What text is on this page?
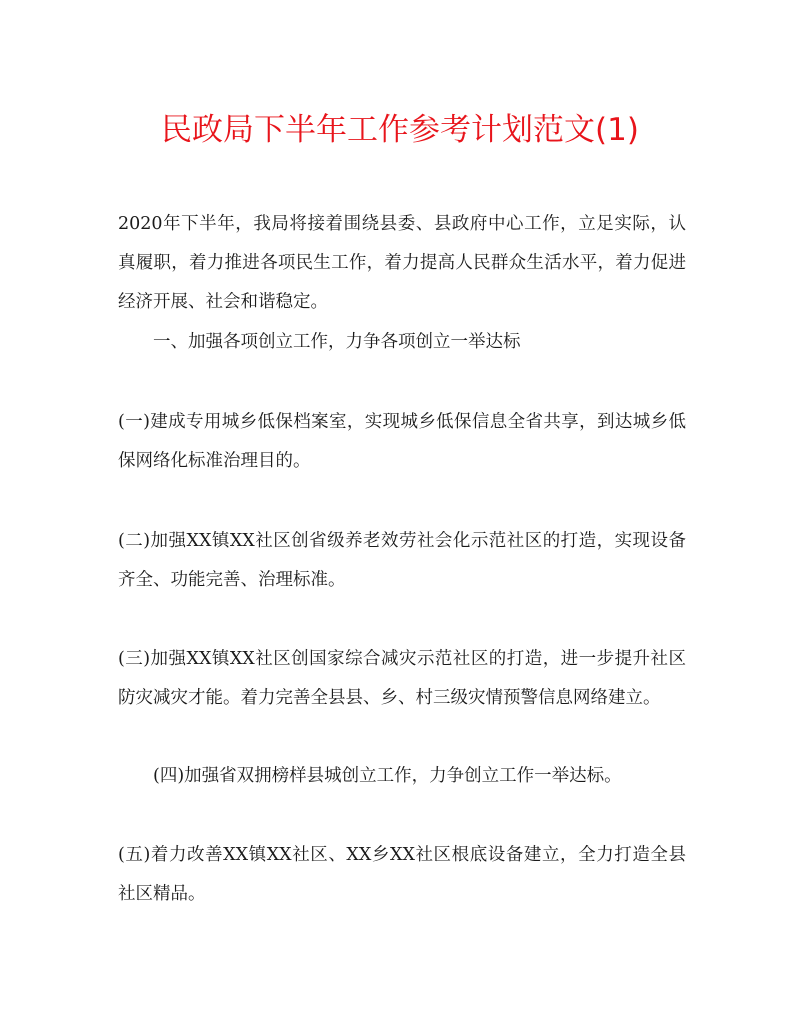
民政局下半年工作参考计划范文(1)

2020年下半年，我局将接着围绕县委、县政府中心工作，立足实际，认真履职，着力推进各项民生工作，着力提高人民群众生活水平，着力促进经济开展、社会和谐稳定。

一、加强各项创立工作，力争各项创立一举达标

(一)建成专用城乡低保档案室，实现城乡低保信息全省共享，到达城乡低保网络化标准治理目的。

(二)加强XX镇XX社区创省级养老效劳社会化示范社区的打造，实现设备齐全、功能完善、治理标准。

(三)加强XX镇XX社区创国家综合减灾示范社区的打造，进一步提升社区防灾减灾才能。着力完善全县县、乡、村三级灾情预警信息网络建立。

(四)加强省双拥榜样县城创立工作，力争创立工作一举达标。

(五)着力改善XX镇XX社区、XX乡XX社区根底设备建立，全力打造全县社区精品。
